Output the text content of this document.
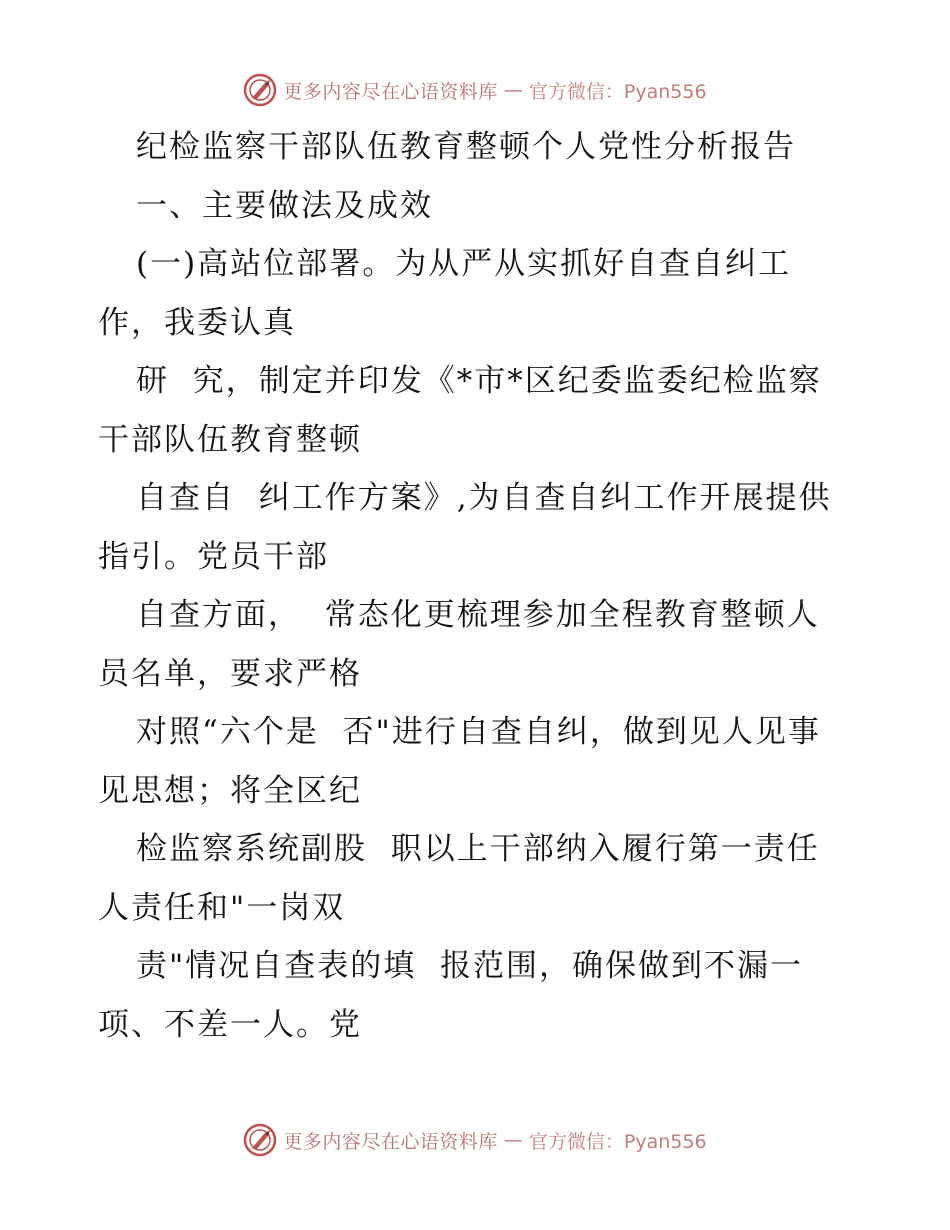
更多内容尽在心语资料库 — 官方微信：Pyan556
纪检监察干部队伍教育整顿个人党性分析报告
一、主要做法及成效
(一)高站位部署。为从严从实抓好自查自纠工
作，我委认真
研  究，制定并印发《*市*区纪委监委纪检监察
干部队伍教育整顿
自查自  纠工作方案》,为自查自纠工作开展提供
指引。党员干部
自查方面，  常态化更梳理参加全程教育整顿人
员名单，要求严格
对照“六个是  否"进行自查自纠，做到见人见事
见思想；将全区纪
检监察系统副股  职以上干部纳入履行第一责任
人责任和"一岗双
责"情况自查表的填  报范围，确保做到不漏一
项、不差一人。党
更多内容尽在心语资料库 — 官方微信：Pyan556
